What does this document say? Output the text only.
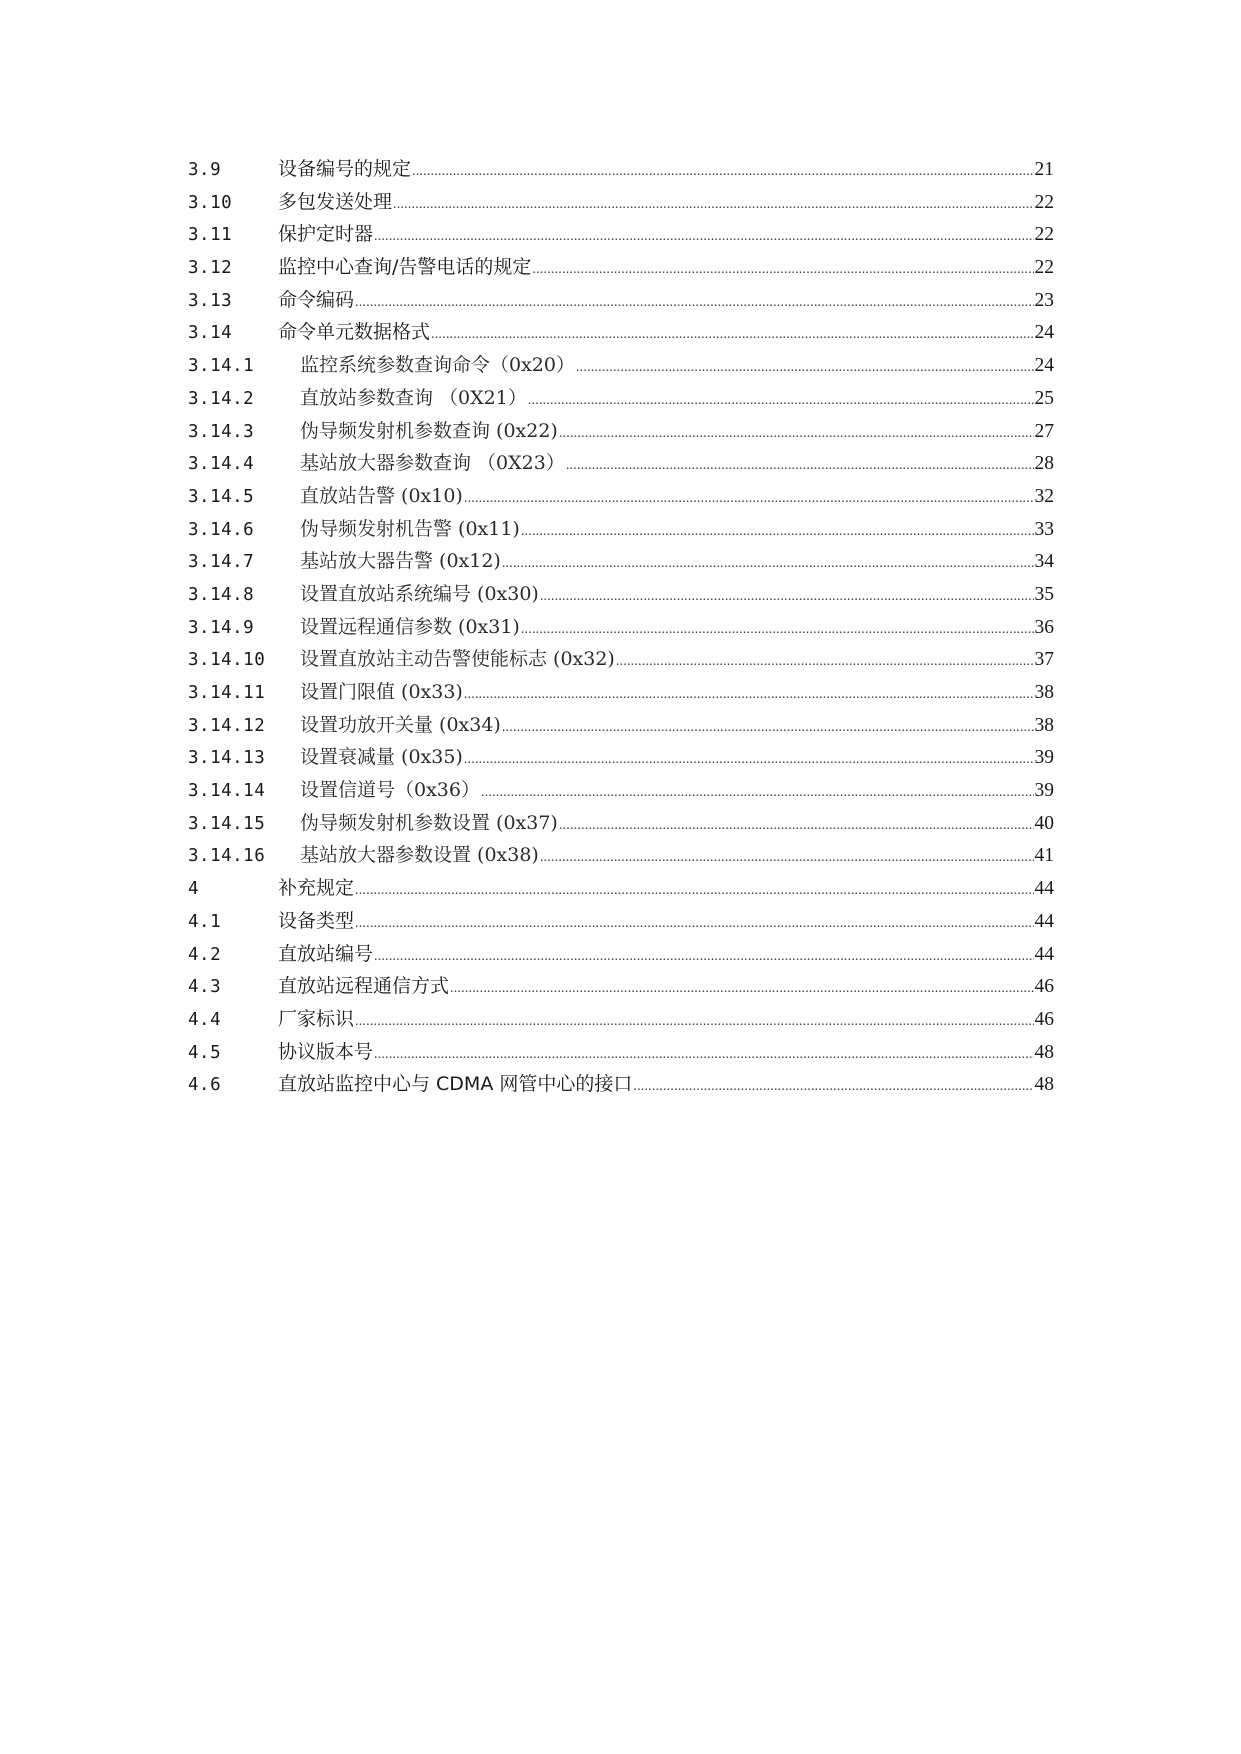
3.9	设备编号的规定 .....	21
3.10	多包发送处理 .....	22
3.11	保护定时器 .....	22
3.12	监控中心查询/告警电话的规定 .....	22
3.13	命令编码 .....	23
3.14	命令单元数据格式 .....	24
3.14.1	监控系统参数查询命令（0x20） .....	24
3.14.2	直放站参数查询 （0X21） .....	25
3.14.3	伪导频发射机参数查询 (0x22) .....	27
3.14.4	基站放大器参数查询 （0X23） .....	28
3.14.5	直放站告警 (0x10) .....	32
3.14.6	伪导频发射机告警 (0x11) .....	33
3.14.7	基站放大器告警 (0x12) .....	34
3.14.8	设置直放站系统编号 (0x30) .....	35
3.14.9	设置远程通信参数 (0x31) .....	36
3.14.10	设置直放站主动告警使能标志 (0x32) .....	37
3.14.11	设置门限值 (0x33) .....	38
3.14.12	设置功放开关量 (0x34) .....	38
3.14.13	设置衰减量 (0x35) .....	39
3.14.14	设置信道号（0x36） .....	39
3.14.15	伪导频发射机参数设置 (0x37) .....	40
3.14.16	基站放大器参数设置 (0x38) .....	41
4	补充规定 .....	44
4.1	设备类型 .....	44
4.2	直放站编号 .....	44
4.3	直放站远程通信方式 .....	46
4.4	厂家标识 .....	46
4.5	协议版本号 .....	48
4.6	直放站监控中心与 CDMA 网管中心的接口 .....	48
